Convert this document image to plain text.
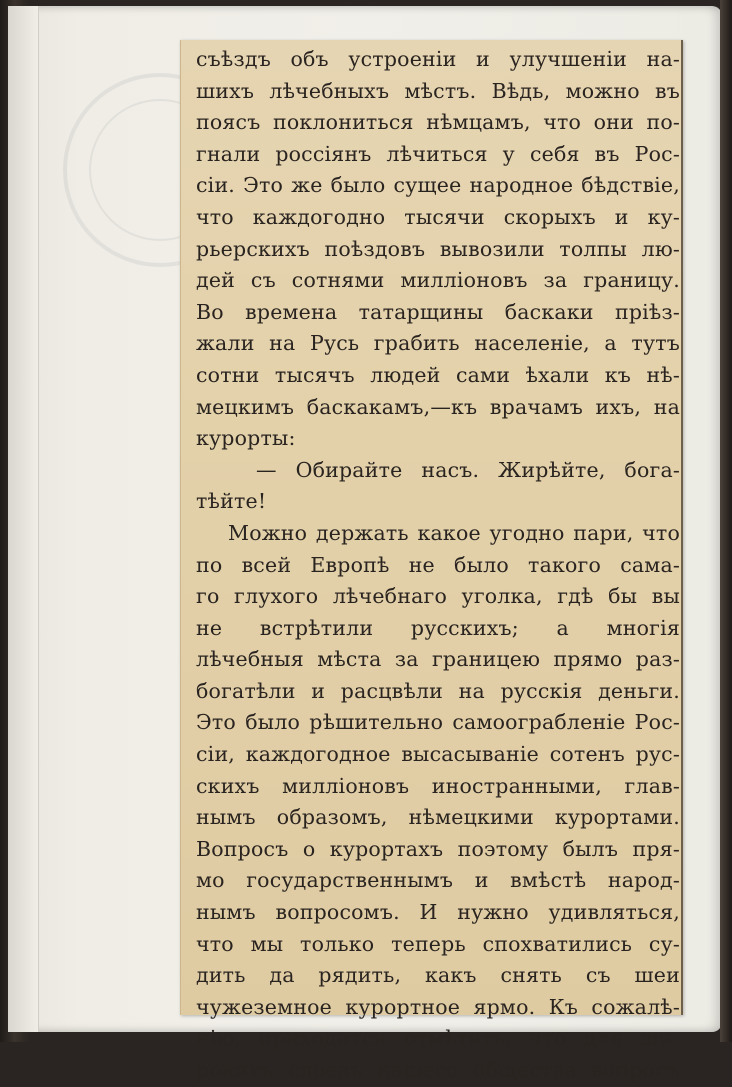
съѣздъ объ устроеніи и улучшеніи на-
шихъ лѣчебныхъ мѣстъ. Вѣдь, можно въ
поясъ поклониться нѣмцамъ, что они по-
гнали россіянъ лѣчиться у себя въ Рос-
сіи. Это же было сущее народное бѣдствіе,
что каждогодно тысячи скорыхъ и ку-
рьерскихъ поѣздовъ вывозили толпы лю-
дей съ сотнями милліоновъ за границу.
Во времена татарщины баскаки пріѣз-
жали на Русь грабить населеніе, а тутъ
сотни тысячъ людей сами ѣхали къ нѣ-
мецкимъ баскакамъ,—къ врачамъ ихъ, на
курорты:
— Обирайте насъ. Жирѣйте, бога-
тѣйте!
Можно держать какое угодно пари, что
по всей Европѣ не было такого сама-
го глухого лѣчебнаго уголка, гдѣ бы вы
не встрѣтили русскихъ; а многія
лѣчебныя мѣста за границею прямо раз-
богатѣли и расцвѣли на русскія деньги.
Это было рѣшительно самоограбленіе Рос-
сіи, каждогодное высасываніе сотенъ рус-
скихъ милліоновъ иностранными, глав-
нымъ образомъ, нѣмецкими курортами.
Вопросъ о курортахъ поэтому былъ пря-
мо государственнымъ и вмѣстѣ народ-
нымъ вопросомъ. И нужно удивляться,
что мы только теперь спохватились су-
дить да рядить, какъ снять съ шеи
чужеземное курортное ярмо. Къ сожалѣ-
нію, приходится отмѣтить, что для ши-
рокихъ слоевъ нашего общества вопросъ
